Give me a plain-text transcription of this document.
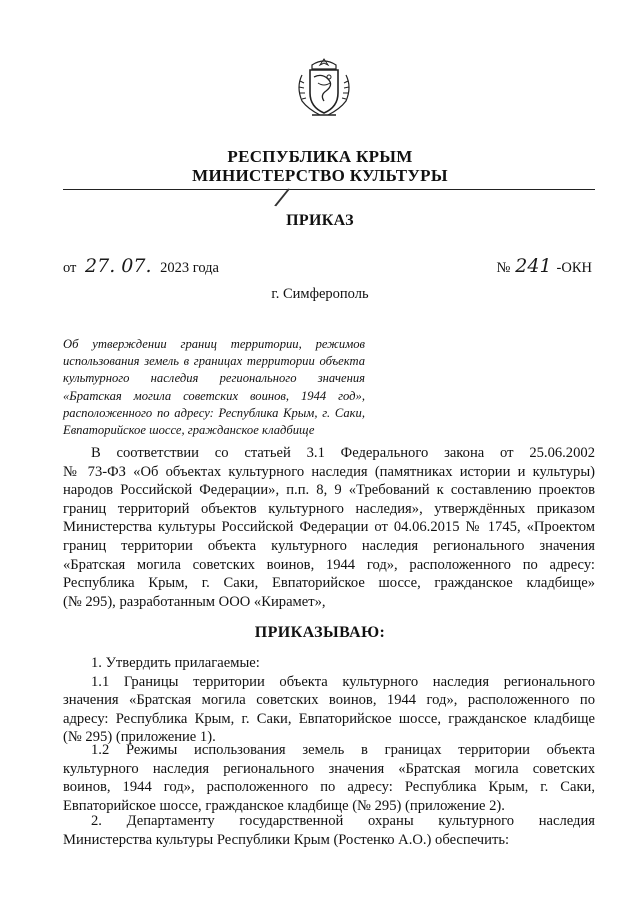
РЕСПУБЛИКА КРЫМ
МИНИСТЕРСТВО КУЛЬТУРЫ
/
ПРИКАЗ
от 27. 07. 2023 года	№ 241 -ОКН
г. Симферополь
Об утверждении границ территории, режимов
использования земель в границах территории объекта
культурного наследия регионального значения
«Братская могила советских воинов, 1944 год»,
расположенного по адресу: Республика Крым, г. Саки,
Евпаторийское шоссе, гражданское кладбище
В соответствии со статьей 3.1 Федерального закона от 25.06.2002
№ 73-ФЗ «Об объектах культурного наследия (памятниках истории и культуры)
народов Российской Федерации», п.п. 8, 9 «Требований к составлению проектов
границ территорий объектов культурного наследия», утверждённых приказом
Министерства культуры Российской Федерации от 04.06.2015 № 1745, «Проектом
границ территории объекта культурного наследия регионального значения
«Братская могила советских воинов, 1944 год», расположенного по адресу:
Республика Крым, г. Саки, Евпаторийское шоссе, гражданское кладбище»
(№ 295), разработанным ООО «Кирамет»,
ПРИКАЗЫВАЮ:
1. Утвердить прилагаемые:
1.1 Границы территории объекта культурного наследия регионального
значения «Братская могила советских воинов, 1944 год», расположенного по
адресу: Республика Крым, г. Саки, Евпаторийское шоссе, гражданское кладбище
(№ 295) (приложение 1).
1.2 Режимы использования земель в границах территории объекта
культурного наследия регионального значения «Братская могила советских
воинов, 1944 год», расположенного по адресу: Республика Крым, г. Саки,
Евпаторийское шоссе, гражданское кладбище (№ 295) (приложение 2).
2. Департаменту государственной охраны культурного наследия
Министерства культуры Республики Крым (Ростенко А.О.) обеспечить:
